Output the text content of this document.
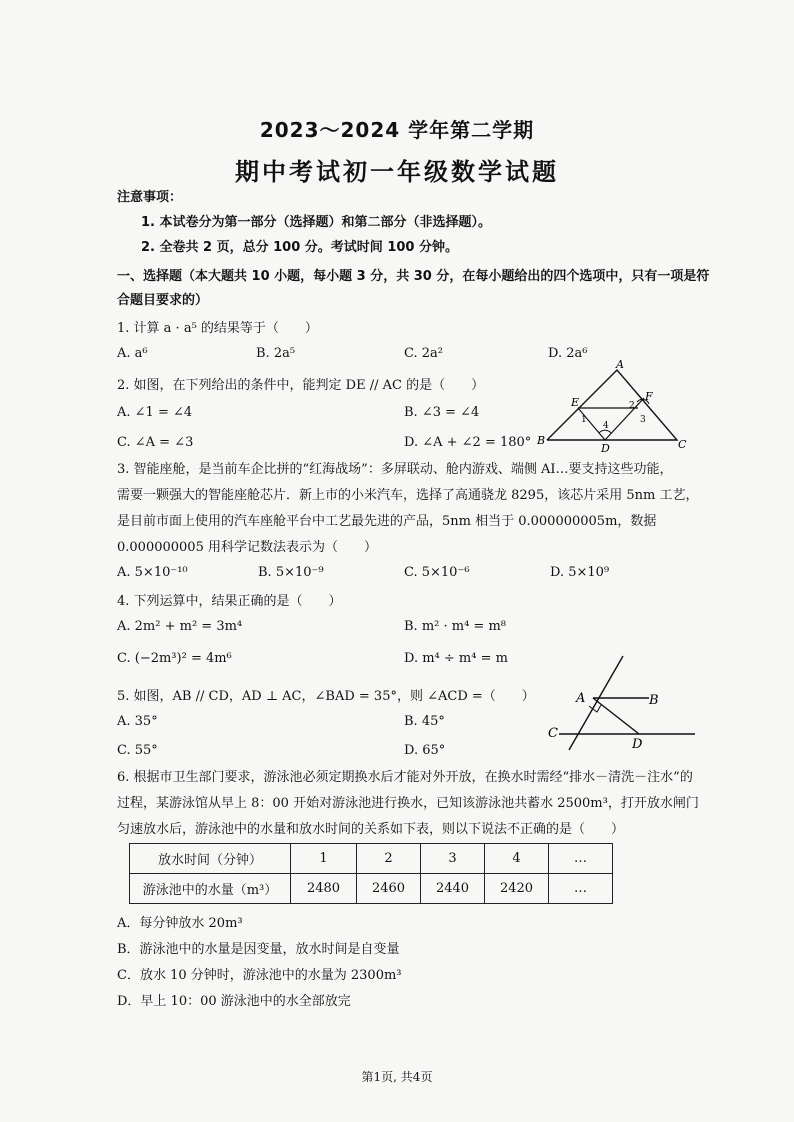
2023～2024 学年第二学期
期中考试初一年级数学试题
注意事项：
1. 本试卷分为第一部分（选择题）和第二部分（非选择题）。
2. 全卷共 2 页，总分 100 分。考试时间 100 分钟。
一、选择题（本大题共 10 小题，每小题 3 分，共 30 分，在每小题给出的四个选项中，只有一项是符
合题目要求的）
1. 计算 a · a⁵ 的结果等于（　　）
A. a⁶	B. 2a⁵	C. 2a²	D. 2a⁶
2. 如图，在下列给出的条件中，能判定 DE // AC 的是（　　）
A. ∠1 = ∠4	B. ∠3 = ∠4
C. ∠A = ∠3	D. ∠A + ∠2 = 180°
A
B	C
D
E	F
1
2
3
4
3. 智能座舱，是当前车企比拼的“红海战场”：多屏联动、舱内游戏、端侧 AI…要支持这些功能，
需要一颗强大的智能座舱芯片．新上市的小米汽车，选择了高通骁龙 8295，该芯片采用 5nm 工艺，
是目前市面上使用的汽车座舱平台中工艺最先进的产品，5nm 相当于 0.000000005m，数据
0.000000005 用科学记数法表示为（　　）
A. 5×10⁻¹⁰	B. 5×10⁻⁹	C. 5×10⁻⁶	D. 5×10⁹
4. 下列运算中，结果正确的是（　　）
A. 2m² + m² = 3m⁴	B. m² · m⁴ = m⁸
C. (−2m³)² = 4m⁶	D. m⁴ ÷ m⁴ = m
5. 如图，AB // CD，AD ⊥ AC，∠BAD = 35°，则 ∠ACD =（　　）
A. 35°	B. 45°
C. 55°	D. 65°
A	B
C
D
6. 根据市卫生部门要求，游泳池必须定期换水后才能对外开放，在换水时需经“排水－清洗－注水”的
过程，某游泳馆从早上 8：00 开始对游泳池进行换水，已知该游泳池共蓄水 2500m³，打开放水闸门
匀速放水后，游泳池中的水量和放水时间的关系如下表，则以下说法不正确的是（　　）
放水时间（分钟）	1	2	3	4	…
游泳池中的水量（m³）	2480	2460	2440	2420	…
A．每分钟放水 20m³
B．游泳池中的水量是因变量，放水时间是自变量
C．放水 10 分钟时，游泳池中的水量为 2300m³
D．早上 10：00 游泳池中的水全部放完
第1页, 共4页
